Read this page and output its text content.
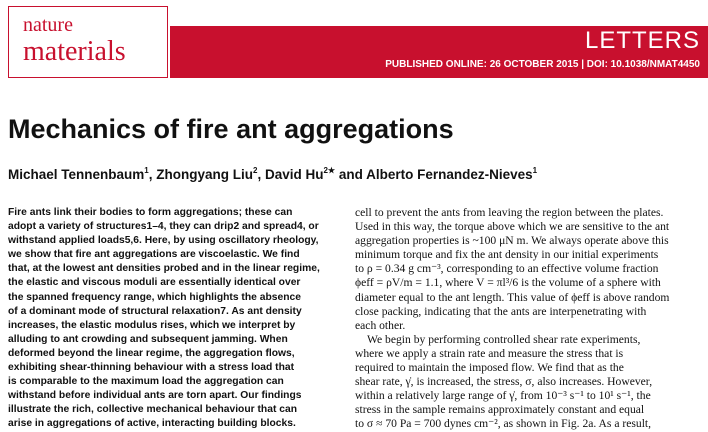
nature
materials	LETTERS
PUBLISHED ONLINE: 26 OCTOBER 2015 | DOI: 10.1038/NMAT4450
Mechanics of fire ant aggregations
Michael Tennenbaum$^1$, Zhongyang Liu$^2$, David $Hu^{2★}$ and Alberto Fernandez-Nieves$^1$
Fire ants link their bodies to form aggregations; these can
adopt a variety of structures1–4, they can drip2 and spread4, or
withstand applied loads5,6. Here, by using oscillatory rheology,
we show that fire ant aggregations are viscoelastic. We find
that, at the lowest ant densities probed and in the linear regime,
the elastic and viscous moduli are essentially identical over
the spanned frequency range, which highlights the absence
of a dominant mode of structural relaxation7. As ant density
increases, the elastic modulus rises, which we interpret by
alluding to ant crowding and subsequent jamming. When
deformed beyond the linear regime, the aggregation flows,
exhibiting shear-thinning behaviour with a stress load that
is comparable to the maximum load the aggregation can
withstand before individual ants are torn apart. Our findings
illustrate the rich, collective mechanical behaviour that can
arise in aggregations of active, interacting building blocks.
cell to prevent the ants from leaving the region between the plates.
Used in this way, the torque above which we are sensitive to the ant
aggregation properties is ~100 μN m. We always operate above this
minimum torque and fix the ant density in our initial experiments
to ρ = 0.34 g cm⁻³, corresponding to an effective volume fraction
ϕeff = ρV/m = 1.1, where V = πl³/6 is the volume of a sphere with
diameter equal to the ant length. This value of ϕeff is above random
close packing, indicating that the ants are interpenetrating with
each other.
We begin by performing controlled shear rate experiments,
where we apply a strain rate and measure the stress that is
required to maintain the imposed flow. We find that as the
shear rate, γ̇, is increased, the stress, σ, also increases. However,
within a relatively large range of γ̇, from 10⁻³ s⁻¹ to 10¹ s⁻¹, the
stress in the sample remains approximately constant and equal
to σ ≈ 70 Pa = 700 dynes cm⁻², as shown in Fig. 2a. As a result,
